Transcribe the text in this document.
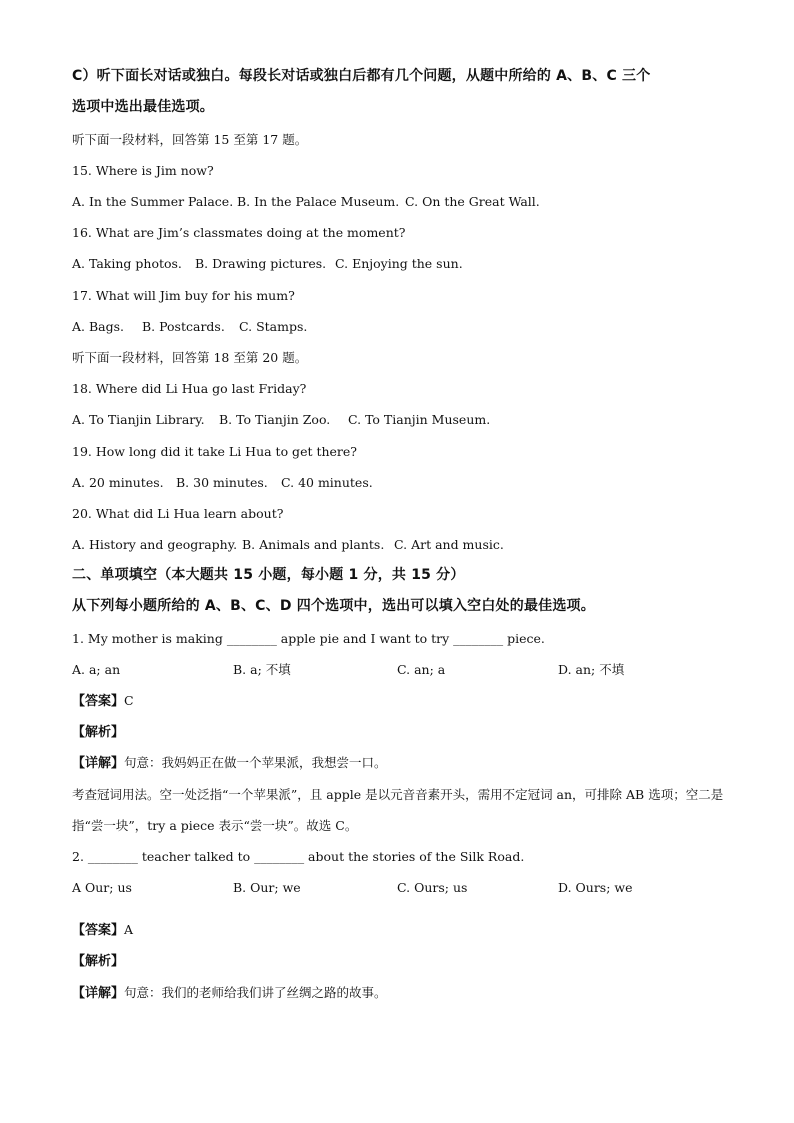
C）听下面长对话或独白。每段长对话或独白后都有几个问题，从题中所给的 A、B、C 三个
选项中选出最佳选项。
听下面一段材料，回答第 15 至第 17 题。
15. Where is Jim now?
A. In the Summer Palace. B. In the Palace Museum. C. On the Great Wall.
16. What are Jim’s classmates doing at the moment?
A. Taking photos. B. Drawing pictures. C. Enjoying the sun.
17. What will Jim buy for his mum?
A. Bags. B. Postcards. C. Stamps.
听下面一段材料，回答第 18 至第 20 题。
18. Where did Li Hua go last Friday?
A. To Tianjin Library. B. To Tianjin Zoo. C. To Tianjin Museum.
19. How long did it take Li Hua to get there?
A. 20 minutes. B. 30 minutes. C. 40 minutes.
20. What did Li Hua learn about?
A. History and geography. B. Animals and plants. C. Art and music.
二、单项填空（本大题共 15 小题，每小题 1 分，共 15 分）
从下列每小题所给的 A、B、C、D 四个选项中，选出可以填入空白处的最佳选项。
1. My mother is making ________ apple pie and I want to try ________ piece.
A. a; an	B. a; 不填	C. an; a	D. an; 不填
【答案】C
【解析】
【详解】句意：我妈妈正在做一个苹果派，我想尝一口。
考查冠词用法。空一处泛指“一个苹果派”，且 apple 是以元音音素开头，需用不定冠词 an，可排除 AB 选项；空二是指“尝一块”，try a piece 表示“尝一块”。故选 C。
2. ________ teacher talked to ________ about the stories of the Silk Road.
A Our; us	B. Our; we	C. Ours; us	D. Ours; we
【答案】A
【解析】
【详解】句意：我们的老师给我们讲了丝绸之路的故事。
